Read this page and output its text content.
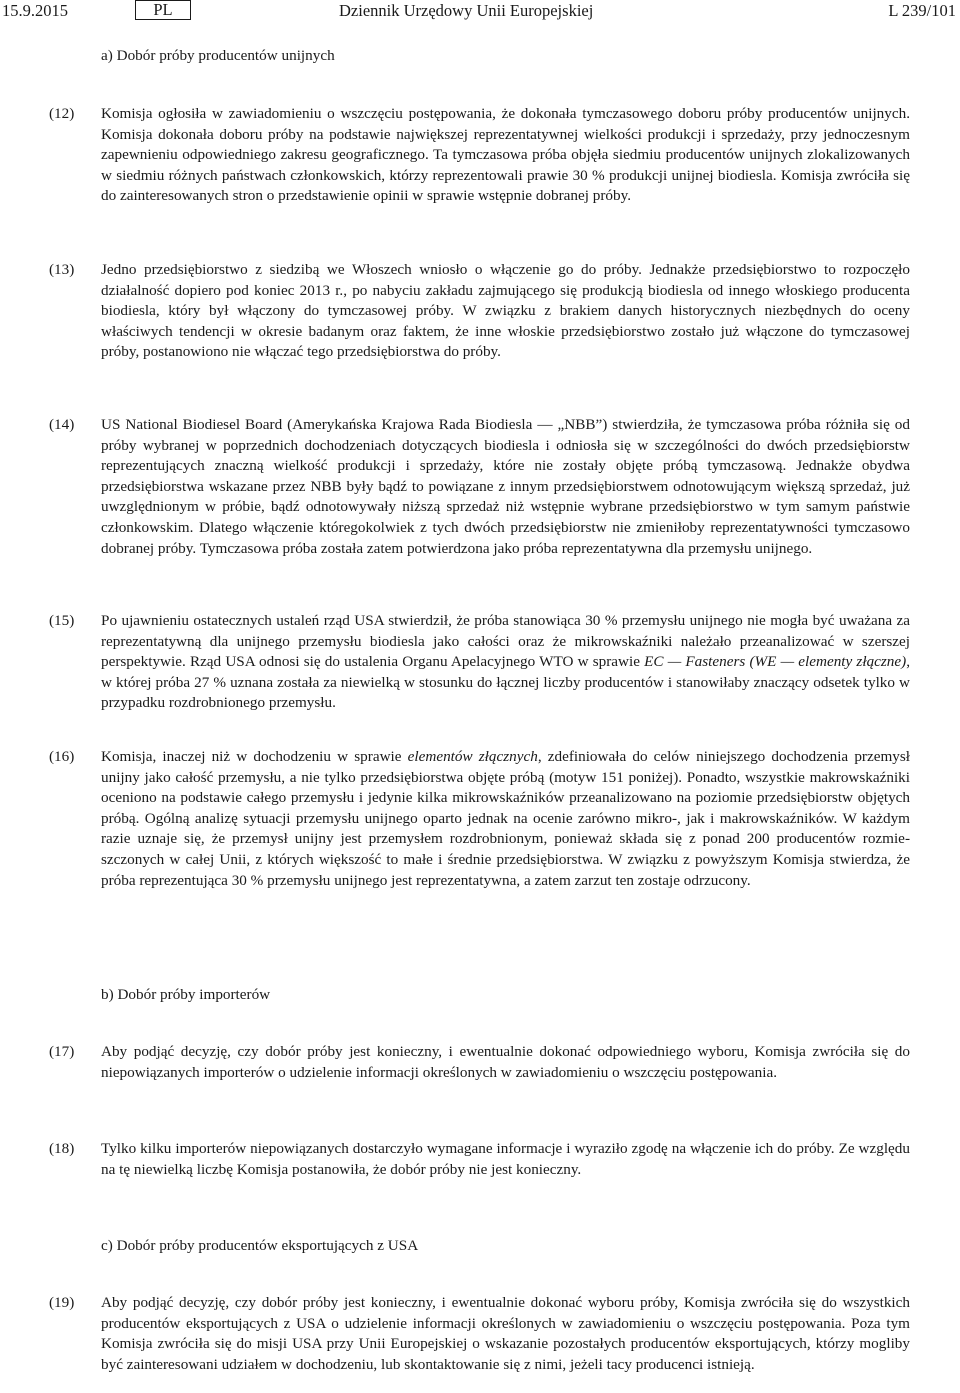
15.9.2015	PL	Dziennik Urzędowy Unii Europejskiej	L 239/101
a) Dobór próby producentów unijnych
(12) Komisja ogłosiła w zawiadomieniu o wszczęciu postępowania, że dokonała tymczasowego doboru próby producentów unijnych. Komisja dokonała doboru próby na podstawie największej reprezentatywnej wielkości produkcji i sprzedaży, przy jednoczesnym zapewnieniu odpowiedniego zakresu geograficznego. Ta tymczasowa próba objęła siedmiu producentów unijnych zlokalizowanych w siedmiu różnych państwach członkowskich, którzy reprezentowali prawie 30 % produkcji unijnej biodiesla. Komisja zwróciła się do zainteresowanych stron o przedstawienie opinii w sprawie wstępnie dobranej próby.
(13) Jedno przedsiębiorstwo z siedzibą we Włoszech wniosło o włączenie go do próby. Jednakże przedsiębiorstwo to rozpoczęło działalność dopiero pod koniec 2013 r., po nabyciu zakładu zajmującego się produkcją biodiesla od innego włoskiego producenta biodiesla, który był włączony do tymczasowej próby. W związku z brakiem danych historycznych niezbędnych do oceny właściwych tendencji w okresie badanym oraz faktem, że inne włoskie przedsiębiorstwo zostało już włączone do tymczasowej próby, postanowiono nie włączać tego przedsiębiorstwa do próby.
(14) US National Biodiesel Board (Amerykańska Krajowa Rada Biodiesla — „NBB”) stwierdziła, że tymczasowa próba różniła się od próby wybranej w poprzednich dochodzeniach dotyczących biodiesla i odniosła się w szczególności do dwóch przedsiębiorstw reprezentujących znaczną wielkość produkcji i sprzedaży, które nie zostały objęte próbą tymczasową. Jednakże obydwa przedsiębiorstwa wskazane przez NBB były bądź to powiązane z innym przedsiębiorstwem odnotowującym większą sprzedaż, już uwzględnionym w próbie, bądź odnotowywały niższą sprzedaż niż wstępnie wybrane przedsiębiorstwo w tym samym państwie członkowskim. Dlatego włączenie któregokolwiek z tych dwóch przedsiębiorstw nie zmieniłoby reprezentatywności tymczasowo dobranej próby. Tymczasowa próba została zatem potwierdzona jako próba reprezentatywna dla przemysłu unijnego.
(15) Po ujawnieniu ostatecznych ustaleń rząd USA stwierdził, że próba stanowiąca 30 % przemysłu unijnego nie mogła być uważana za reprezentatywną dla unijnego przemysłu biodiesla jako całości oraz że mikrowskaźniki należało przeanalizować w szerszej perspektywie. Rząd USA odnosi się do ustalenia Organu Apelacyjnego WTO w sprawie EC — Fasteners (WE — elementy złączne), w której próba 27 % uznana została za niewielką w stosunku do łącznej liczby producentów i stanowiłaby znaczący odsetek tylko w przypadku rozdrobnionego przemysłu.
(16) Komisja, inaczej niż w dochodzeniu w sprawie elementów złącznych, zdefiniowała do celów niniejszego dochodzenia przemysł unijny jako całość przemysłu, a nie tylko przedsiębiorstwa objęte próbą (motyw 151 poniżej). Ponadto, wszystkie makrowskaźniki oceniono na podstawie całego przemysłu i jedynie kilka mikrowskaźników przeanalizowano na poziomie przedsiębiorstw objętych próbą. Ogólną analizę sytuacji przemysłu unijnego oparto jednak na ocenie zarówno mikro-, jak i makrowskaźników. W każdym razie uznaje się, że przemysł unijny jest przemysłem rozdrobnionym, ponieważ składa się z ponad 200 producentów rozmieszczonych w całej Unii, z których większość to małe i średnie przedsiębiorstwa. W związku z powyższym Komisja stwierdza, że próba reprezentująca 30 % przemysłu unijnego jest reprezentatywna, a zatem zarzut ten zostaje odrzucony.
b) Dobór próby importerów
(17) Aby podjąć decyzję, czy dobór próby jest konieczny, i ewentualnie dokonać odpowiedniego wyboru, Komisja zwróciła się do niepowiązanych importerów o udzielenie informacji określonych w zawiadomieniu o wszczęciu postępowania.
(18) Tylko kilku importerów niepowiązanych dostarczyło wymagane informacje i wyraziło zgodę na włączenie ich do próby. Ze względu na tę niewielką liczbę Komisja postanowiła, że dobór próby nie jest konieczny.
c) Dobór próby producentów eksportujących z USA
(19) Aby podjąć decyzję, czy dobór próby jest konieczny, i ewentualnie dokonać wyboru próby, Komisja zwróciła się do wszystkich producentów eksportujących z USA o udzielenie informacji określonych w zawiadomieniu o wszczęciu postępowania. Poza tym Komisja zwróciła się do misji USA przy Unii Europejskiej o wskazanie pozostałych producentów eksportujących, którzy mogliby być zainteresowani udziałem w dochodzeniu, lub skontaktowanie się z nimi, jeżeli tacy producenci istnieją.
